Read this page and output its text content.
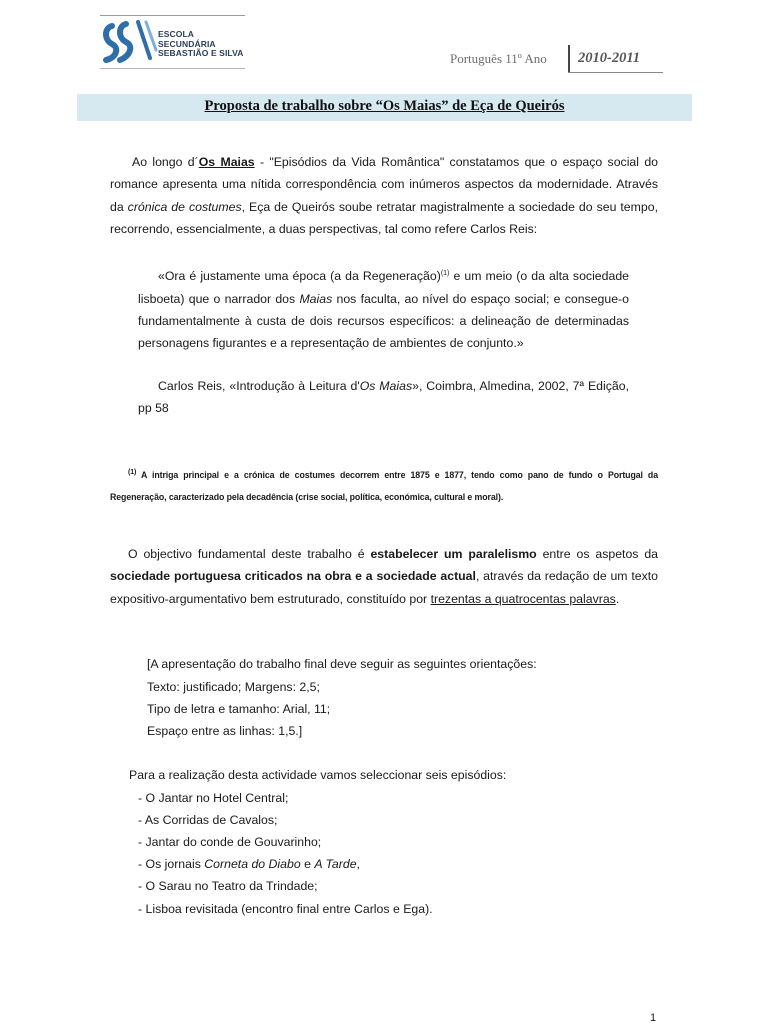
ESCOLA
SECUNDÁRIA
SEBASTIÃO E SILVA	Português 11º Ano 2010-2011
Proposta de trabalho sobre “Os Maias” de Eça de Queirós
Ao longo d´Os Maias - "Episódios da Vida Romântica" constatamos que o espaço social do romance apresenta uma nítida correspondência com inúmeros aspectos da modernidade. Através da crónica de costumes, Eça de Queirós soube retratar magistralmente a sociedade do seu tempo, recorrendo, essencialmente, a duas perspectivas, tal como refere Carlos Reis:
«Ora é justamente uma época (a da Regeneração)$^{(1)}$ e um meio (o da alta sociedade lisboeta) que o narrador dos Maias nos faculta, ao nível do espaço social; e consegue-o fundamentalmente à custa de dois recursos específicos: a delineação de determinadas personagens figurantes e a representação de ambientes de conjunto.»
Carlos Reis, «Introdução à Leitura d'Os Maias», Coimbra, Almedina, 2002, 7ª Edição, pp 58
$^{(1)}$ A intriga principal e a crónica de costumes decorrem entre 1875 e 1877, tendo como pano de fundo o Portugal da Regeneração, caracterizado pela decadência (crise social, política, económica, cultural e moral).
O objectivo fundamental deste trabalho é estabelecer um paralelismo entre os aspetos da sociedade portuguesa criticados na obra e a sociedade actual, através da redação de um texto expositivo-argumentativo bem estruturado, constituído por trezentas a quatrocentas palavras.
[A apresentação do trabalho final deve seguir as seguintes orientações:
Texto: justificado; Margens: 2,5;
Tipo de letra e tamanho: Arial, 11;
Espaço entre as linhas: 1,5.]
Para a realização desta actividade vamos seleccionar seis episódios:
- O Jantar no Hotel Central;
- As Corridas de Cavalos;
- Jantar do conde de Gouvarinho;
- Os jornais Corneta do Diabo e A Tarde,
- O Sarau no Teatro da Trindade;
- Lisboa revisitada (encontro final entre Carlos e Ega).
1
